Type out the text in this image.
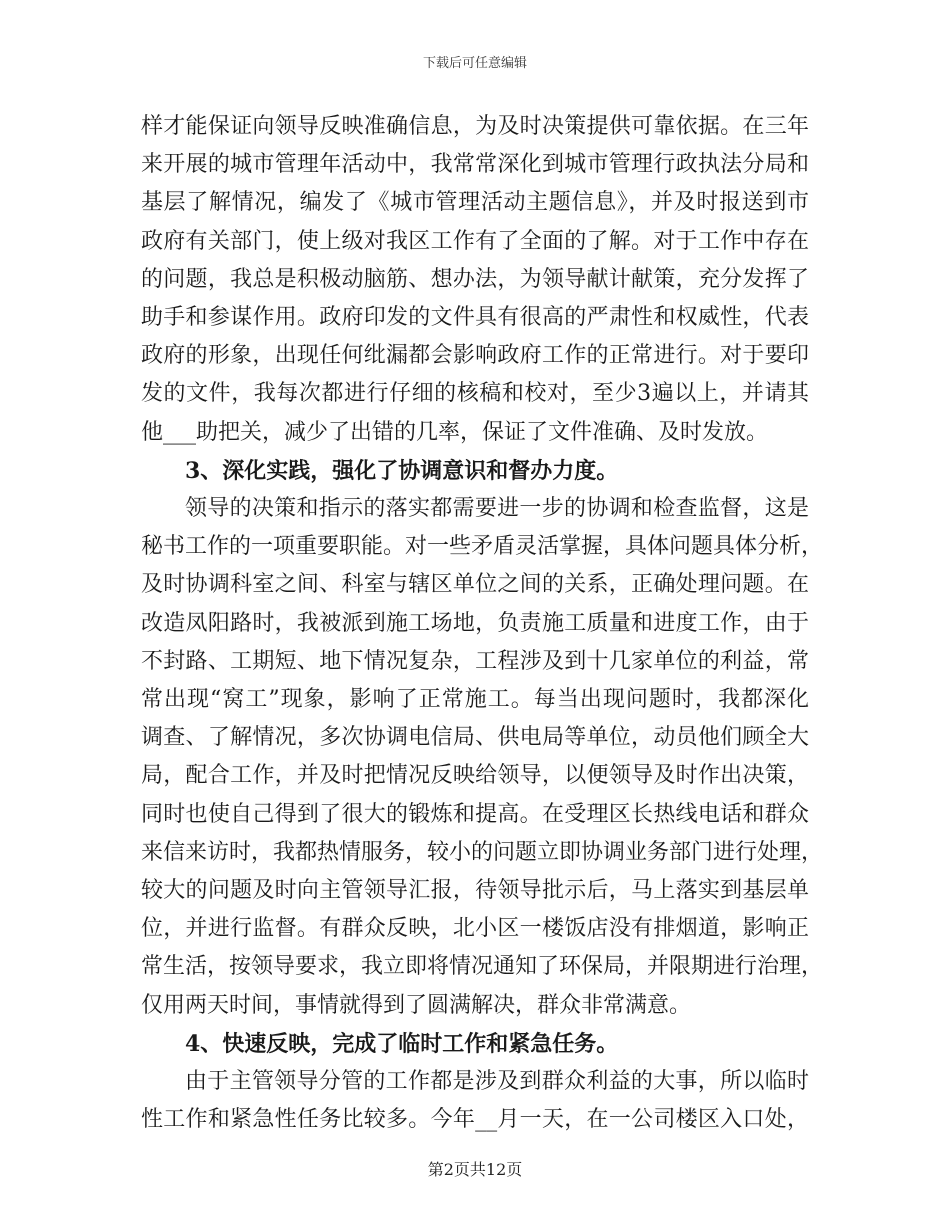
下载后可任意编辑
样才能保证向领导反映准确信息，为及时决策提供可靠依据。在三年
来开展的城市管理年活动中，我常常深化到城市管理行政执法分局和
基层了解情况，编发了《城市管理活动主题信息》，并及时报送到市
政府有关部门，使上级对我区工作有了全面的了解。对于工作中存在
的问题，我总是积极动脑筋、想办法，为领导献计献策，充分发挥了
助手和参谋作用。政府印发的文件具有很高的严肃性和权威性，代表
政府的形象，出现任何纰漏都会影响政府工作的正常进行。对于要印
发的文件，我每次都进行仔细的核稿和校对，至少3遍以上，并请其
他___助把关，减少了出错的几率，保证了文件准确、及时发放。
3、深化实践，强化了协调意识和督办力度。
领导的决策和指示的落实都需要进一步的协调和检查监督，这是
秘书工作的一项重要职能。对一些矛盾灵活掌握，具体问题具体分析，
及时协调科室之间、科室与辖区单位之间的关系，正确处理问题。在
改造凤阳路时，我被派到施工场地，负责施工质量和进度工作，由于
不封路、工期短、地下情况复杂，工程涉及到十几家单位的利益，常
常出现“窝工”现象，影响了正常施工。每当出现问题时，我都深化
调查、了解情况，多次协调电信局、供电局等单位，动员他们顾全大
局，配合工作，并及时把情况反映给领导，以便领导及时作出决策，
同时也使自己得到了很大的锻炼和提高。在受理区长热线电话和群众
来信来访时，我都热情服务，较小的问题立即协调业务部门进行处理，
较大的问题及时向主管领导汇报，待领导批示后，马上落实到基层单
位，并进行监督。有群众反映，北小区一楼饭店没有排烟道，影响正
常生活，按领导要求，我立即将情况通知了环保局，并限期进行治理，
仅用两天时间，事情就得到了圆满解决，群众非常满意。
4、快速反映，完成了临时工作和紧急任务。
由于主管领导分管的工作都是涉及到群众利益的大事，所以临时
性工作和紧急性任务比较多。今年__月一天，在一公司楼区入口处，
第2页共12页
